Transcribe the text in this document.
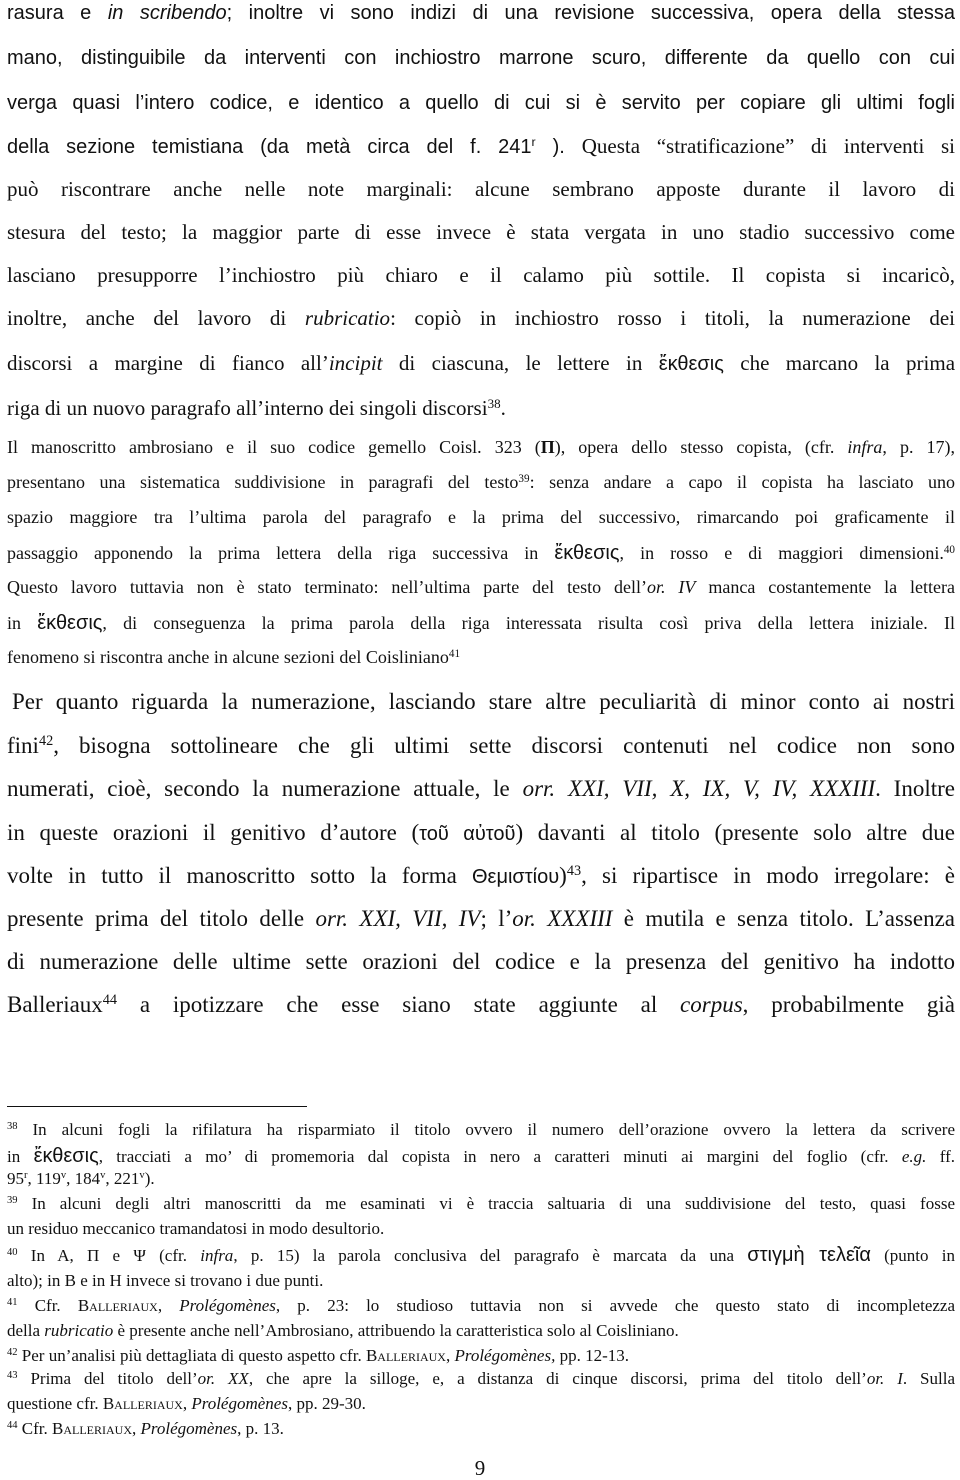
rasura e in scribendo; inoltre vi sono indizi di una revisione successiva, opera della stessa
mano, distinguibile da interventi con inchiostro marrone scuro, differente da quello con cui
verga quasi l’intero codice, e identico a quello di cui si è servito per copiare gli ultimi fogli
della sezione temistiana (da metà circa del f. 241$^r$ ). Questa “stratificazione” di interventi si
può riscontrare anche nelle note marginali: alcune sembrano apposte durante il lavoro di
stesura del testo; la maggior parte di esse invece è stata vergata in uno stadio successivo come
lasciano presupporre l’inchiostro più chiaro e il calamo più sottile. Il copista si incaricò,
inoltre, anche del lavoro di rubricatio: copiò in inchiostro rosso i titoli, la numerazione dei
discorsi a margine di fianco all’incipit di ciascuna, le lettere in ἔκθεσις che marcano la prima
riga di un nuovo paragrafo all’interno dei singoli discorsi$^{38}$.
Il manoscritto ambrosiano e il suo codice gemello Coisl. 323 (Π), opera dello stesso copista, (cfr. infra, p. 17),
presentano una sistematica suddivisione in paragrafi del testo$^{39}$: senza andare a capo il copista ha lasciato uno
spazio maggiore tra l’ultima parola del paragrafo e la prima del successivo, rimarcando poi graficamente il
passaggio apponendo la prima lettera della riga successiva in ἔκθεσις, in rosso e di maggiori dimensioni.$^{40}$
Questo lavoro tuttavia non è stato terminato: nell’ultima parte del testo dell’or. IV manca costantemente la lettera
in ἔκθεσις, di conseguenza la prima parola della riga interessata risulta così priva della lettera iniziale. Il
fenomeno si riscontra anche in alcune sezioni del Coisliniano$^{41}$
Per quanto riguarda la numerazione, lasciando stare altre peculiarità di minor conto ai nostri
fini$^{42}$, bisogna sottolineare che gli ultimi sette discorsi contenuti nel codice non sono
numerati, cioè, secondo la numerazione attuale, le orr. XXI, VII, X, IX, V, IV, XXXIII. Inoltre
in queste orazioni il genitivo d’autore (τοῦ αὐτοῦ) davanti al titolo (presente solo altre due
volte in tutto il manoscritto sotto la forma Θεμιστίου)$^{43}$, si ripartisce in modo irregolare: è
presente prima del titolo delle orr. XXI, VII, IV; l’or. XXXIII è mutila e senza titolo. L’assenza
di numerazione delle ultime sette orazioni del codice e la presenza del genitivo ha indotto
Balleriaux$^{44}$ a ipotizzare che esse siano state aggiunte al corpus, probabilmente già
$^{38}$ In alcuni fogli la rifilatura ha risparmiato il titolo ovvero il numero dell’orazione ovvero la lettera da scrivere
in ἔκθεσις, tracciati a mo’ di promemoria dal copista in nero a caratteri minuti ai margini del foglio (cfr. e.g. ff.
95$^r$, 119$^v$, 184$^v$, 221$^v$).
$^{39}$ In alcuni degli altri manoscritti da me esaminati vi è traccia saltuaria di una suddivisione del testo, quasi fosse
un residuo meccanico tramandatosi in modo desultorio.
$^{40}$ In A, Π e Ψ (cfr. infra, p. 15) la parola conclusiva del paragrafo è marcata da una στιγμὴ τελεῖα (punto in
alto); in B e in H invece si trovano i due punti.
$^{41}$ Cfr. Balleriaux, Prolégomènes, p. 23: lo studioso tuttavia non si avvede che questo stato di incompletezza
della rubricatio è presente anche nell’Ambrosiano, attribuendo la caratteristica solo al Coisliniano.
$^{42}$ Per un’analisi più dettagliata di questo aspetto cfr. Balleriaux, Prolégomènes, pp. 12-13.
$^{43}$ Prima del titolo dell’or. XX, che apre la silloge, e, a distanza di cinque discorsi, prima del titolo dell’or. I. Sulla
questione cfr. Balleriaux, Prolégomènes, pp. 29-30.
$^{44}$ Cfr. Balleriaux, Prolégomènes, p. 13.
9
